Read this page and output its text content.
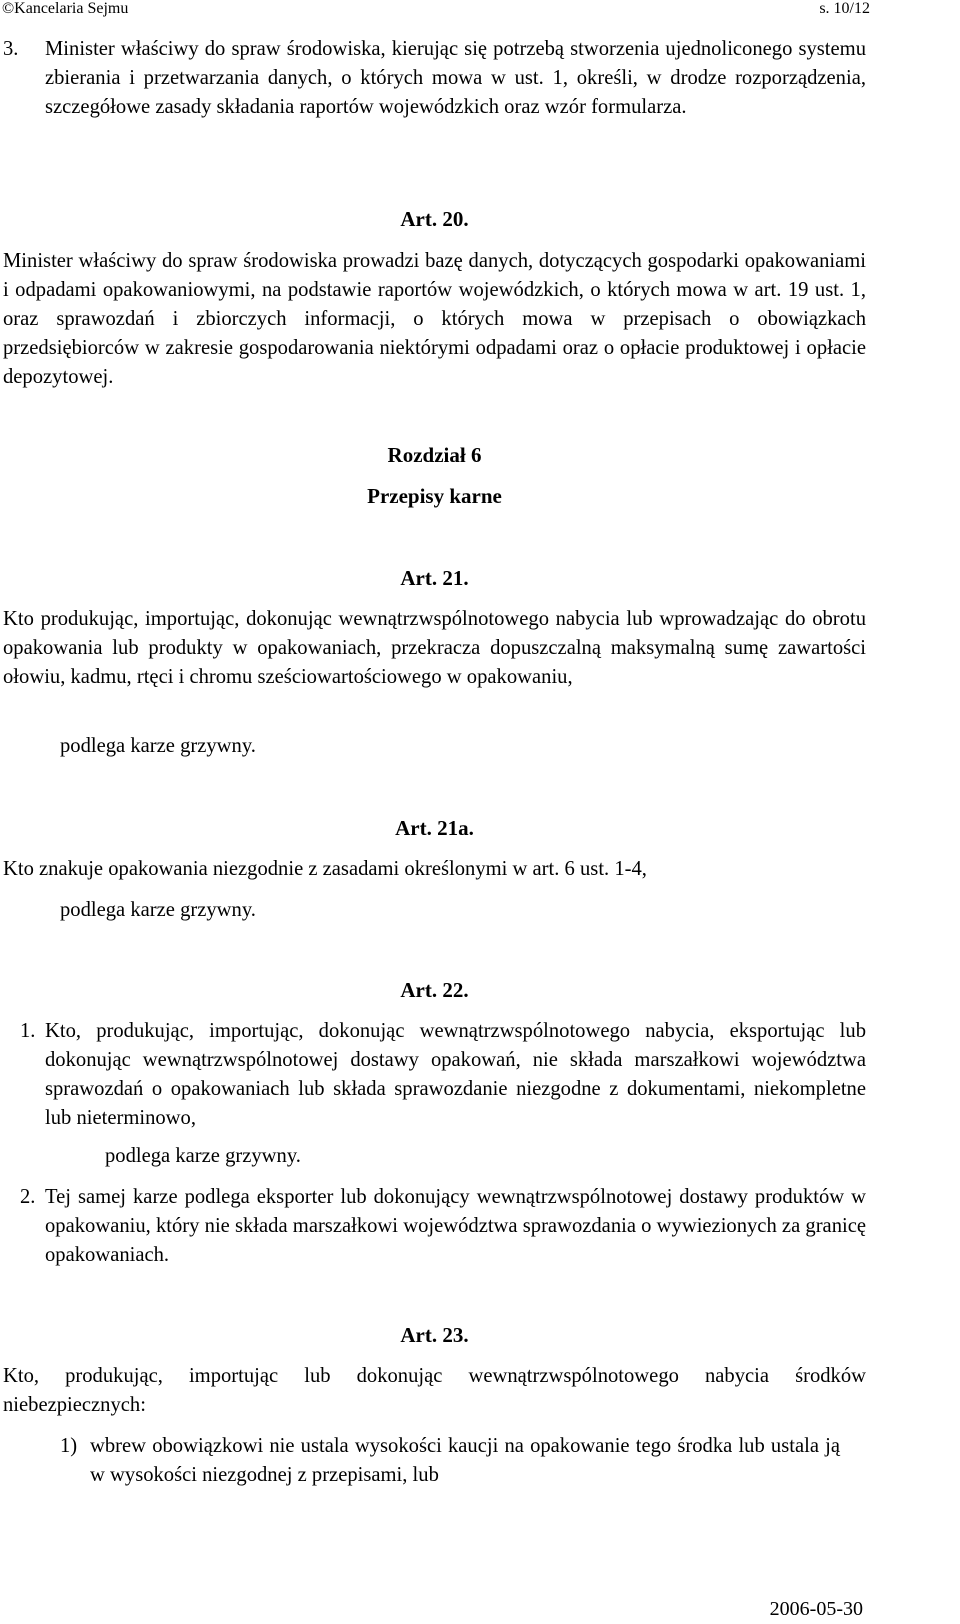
©Kancelaria Sejmu	s. 10/12
3. Minister właściwy do spraw środowiska, kierując się potrzebą stworzenia ujednoliconego systemu zbierania i przetwarzania danych, o których mowa w ust. 1, określi, w drodze rozporządzenia, szczegółowe zasady składania raportów wojewódzkich oraz wzór formularza.

Art. 20.

Minister właściwy do spraw środowiska prowadzi bazę danych, dotyczących gospodarki opakowaniami i odpadami opakowaniowymi, na podstawie raportów wojewódzkich, o których mowa w art. 19 ust. 1, oraz sprawozdań i zbiorczych informacji, o których mowa w przepisach o obowiązkach przedsiębiorców w zakresie gospodarowania niektórymi odpadami oraz o opłacie produktowej i opłacie depozytowej.

Rozdział 6
Przepisy karne
Art. 21.

Kto produkując, importując, dokonując wewnątrzwspólnotowego nabycia lub wprowadzając do obrotu opakowania lub produkty w opakowaniach, przekracza dopuszczalną maksymalną sumę zawartości ołowiu, kadmu, rtęci i chromu sześciowartościowego w opakowaniu,

podlega karze grzywny.
Art. 21a.

Kto znakuje opakowania niezgodnie z zasadami określonymi w art. 6 ust. 1-4,

podlega karze grzywny.
Art. 22.
1. Kto, produkując, importując, dokonując wewnątrzwspólnotowego nabycia, eksportując lub dokonując wewnątrzwspólnotowej dostawy opakowań, nie składa marszałkowi województwa sprawozdań o opakowaniach lub składa sprawozdanie niezgodne z dokumentami, niekompletne lub nieterminowo,

podlega karze grzywny.
2. Tej samej karze podlega eksporter lub dokonujący wewnątrzwspólnotowej dostawy produktów w opakowaniu, który nie składa marszałkowi województwa sprawozdania o wywiezionych za granicę opakowaniach.

Art. 23.

Kto, produkując, importując lub dokonując wewnątrzwspólnotowego nabycia środków niebezpiecznych:

1) wbrew obowiązkowi nie ustala wysokości kaucji na opakowanie tego środka lub ustala ją w wysokości niezgodnej z przepisami, lub

2006-05-30
